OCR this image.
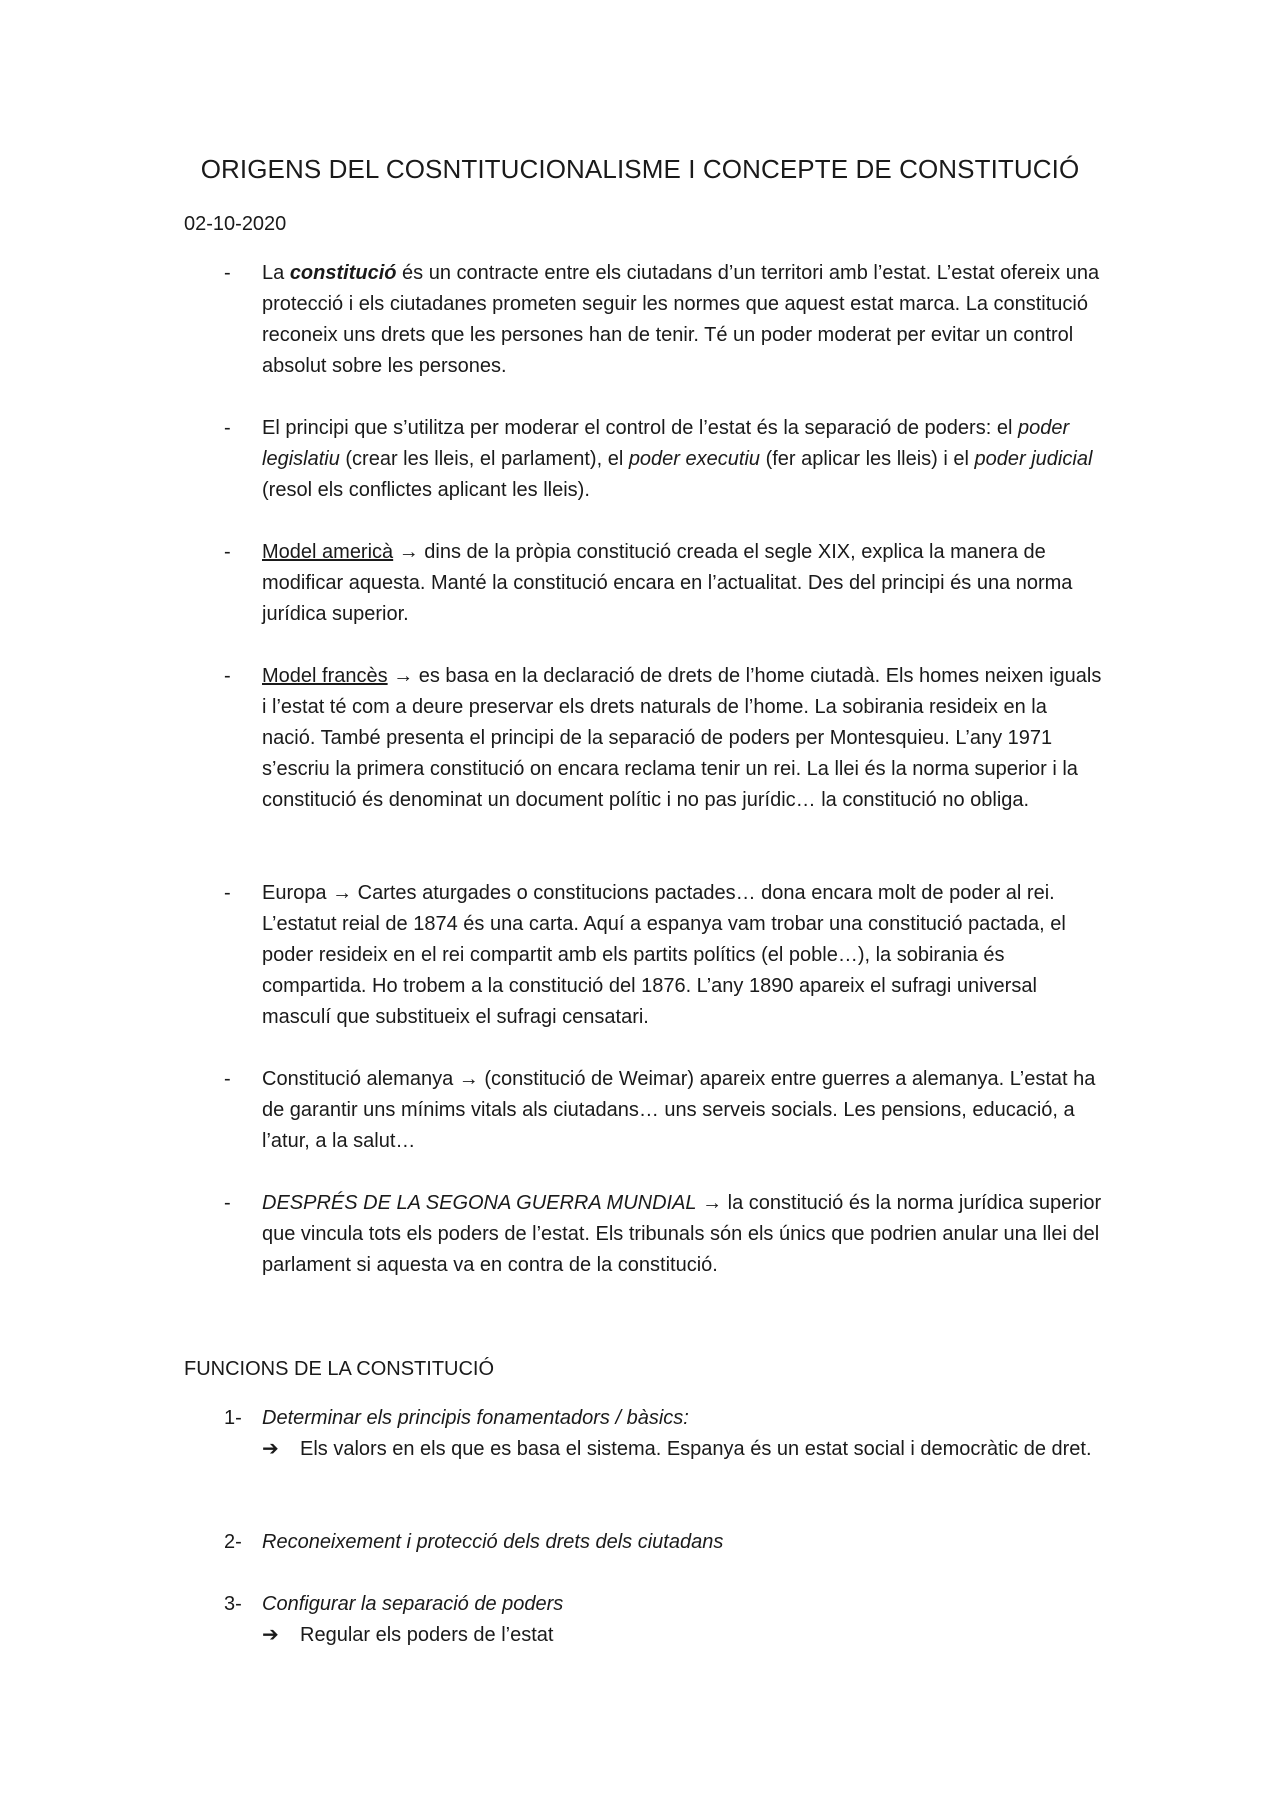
ORIGENS DEL COSNTITUCIONALISME I CONCEPTE DE CONSTITUCIÓ
02-10-2020
- La constitució és un contracte entre els ciutadans d’un territori amb l’estat. L’estat ofereix una protecció i els ciutadanes prometen seguir les normes que aquest estat marca. La constitució reconeix uns drets que les persones han de tenir. Té un poder moderat per evitar un control absolut sobre les persones.
- El principi que s’utilitza per moderar el control de l’estat és la separació de poders: el poder legislatiu (crear les lleis, el parlament), el poder executiu (fer aplicar les lleis) i el poder judicial (resol els conflictes aplicant les lleis).
- Model americà → dins de la pròpia constitució creada el segle XIX, explica la manera de modificar aquesta. Manté la constitució encara en l’actualitat. Des del principi és una norma jurídica superior.
- Model francès → es basa en la declaració de drets de l’home ciutadà. Els homes neixen iguals i l’estat té com a deure preservar els drets naturals de l’home. La sobirania resideix en la nació. També presenta el principi de la separació de poders per Montesquieu. L’any 1971 s’escriu la primera constitució on encara reclama tenir un rei. La llei és la norma superior i la constitució és denominat un document polític i no pas jurídic… la constitució no obliga.
- Europa → Cartes aturgades o constitucions pactades… dona encara molt de poder al rei. L’estatut reial de 1874 és una carta. Aquí a espanya vam trobar una constitució pactada, el poder resideix en el rei compartit amb els partits polítics (el poble…), la sobirania és compartida. Ho trobem a la constitució del 1876. L’any 1890 apareix el sufragi universal masculí que substitueix el sufragi censatari.
- Constitució alemanya → (constitució de Weimar) apareix entre guerres a alemanya. L’estat ha de garantir uns mínims vitals als ciutadans… uns serveis socials. Les pensions, educació, a l’atur, a la salut…
- DESPRÉS DE LA SEGONA GUERRA MUNDIAL → la constitució és la norma jurídica superior que vincula tots els poders de l’estat. Els tribunals són els únics que podrien anular una llei del parlament si aquesta va en contra de la constitució.
FUNCIONS DE LA CONSTITUCIÓ
1- Determinar els principis fonamentadors / bàsics:
➔ Els valors en els que es basa el sistema. Espanya és un estat social i democràtic de dret.
2- Reconeixement i protecció dels drets dels ciutadans
3- Configurar la separació de poders
➔ Regular els poders de l’estat
